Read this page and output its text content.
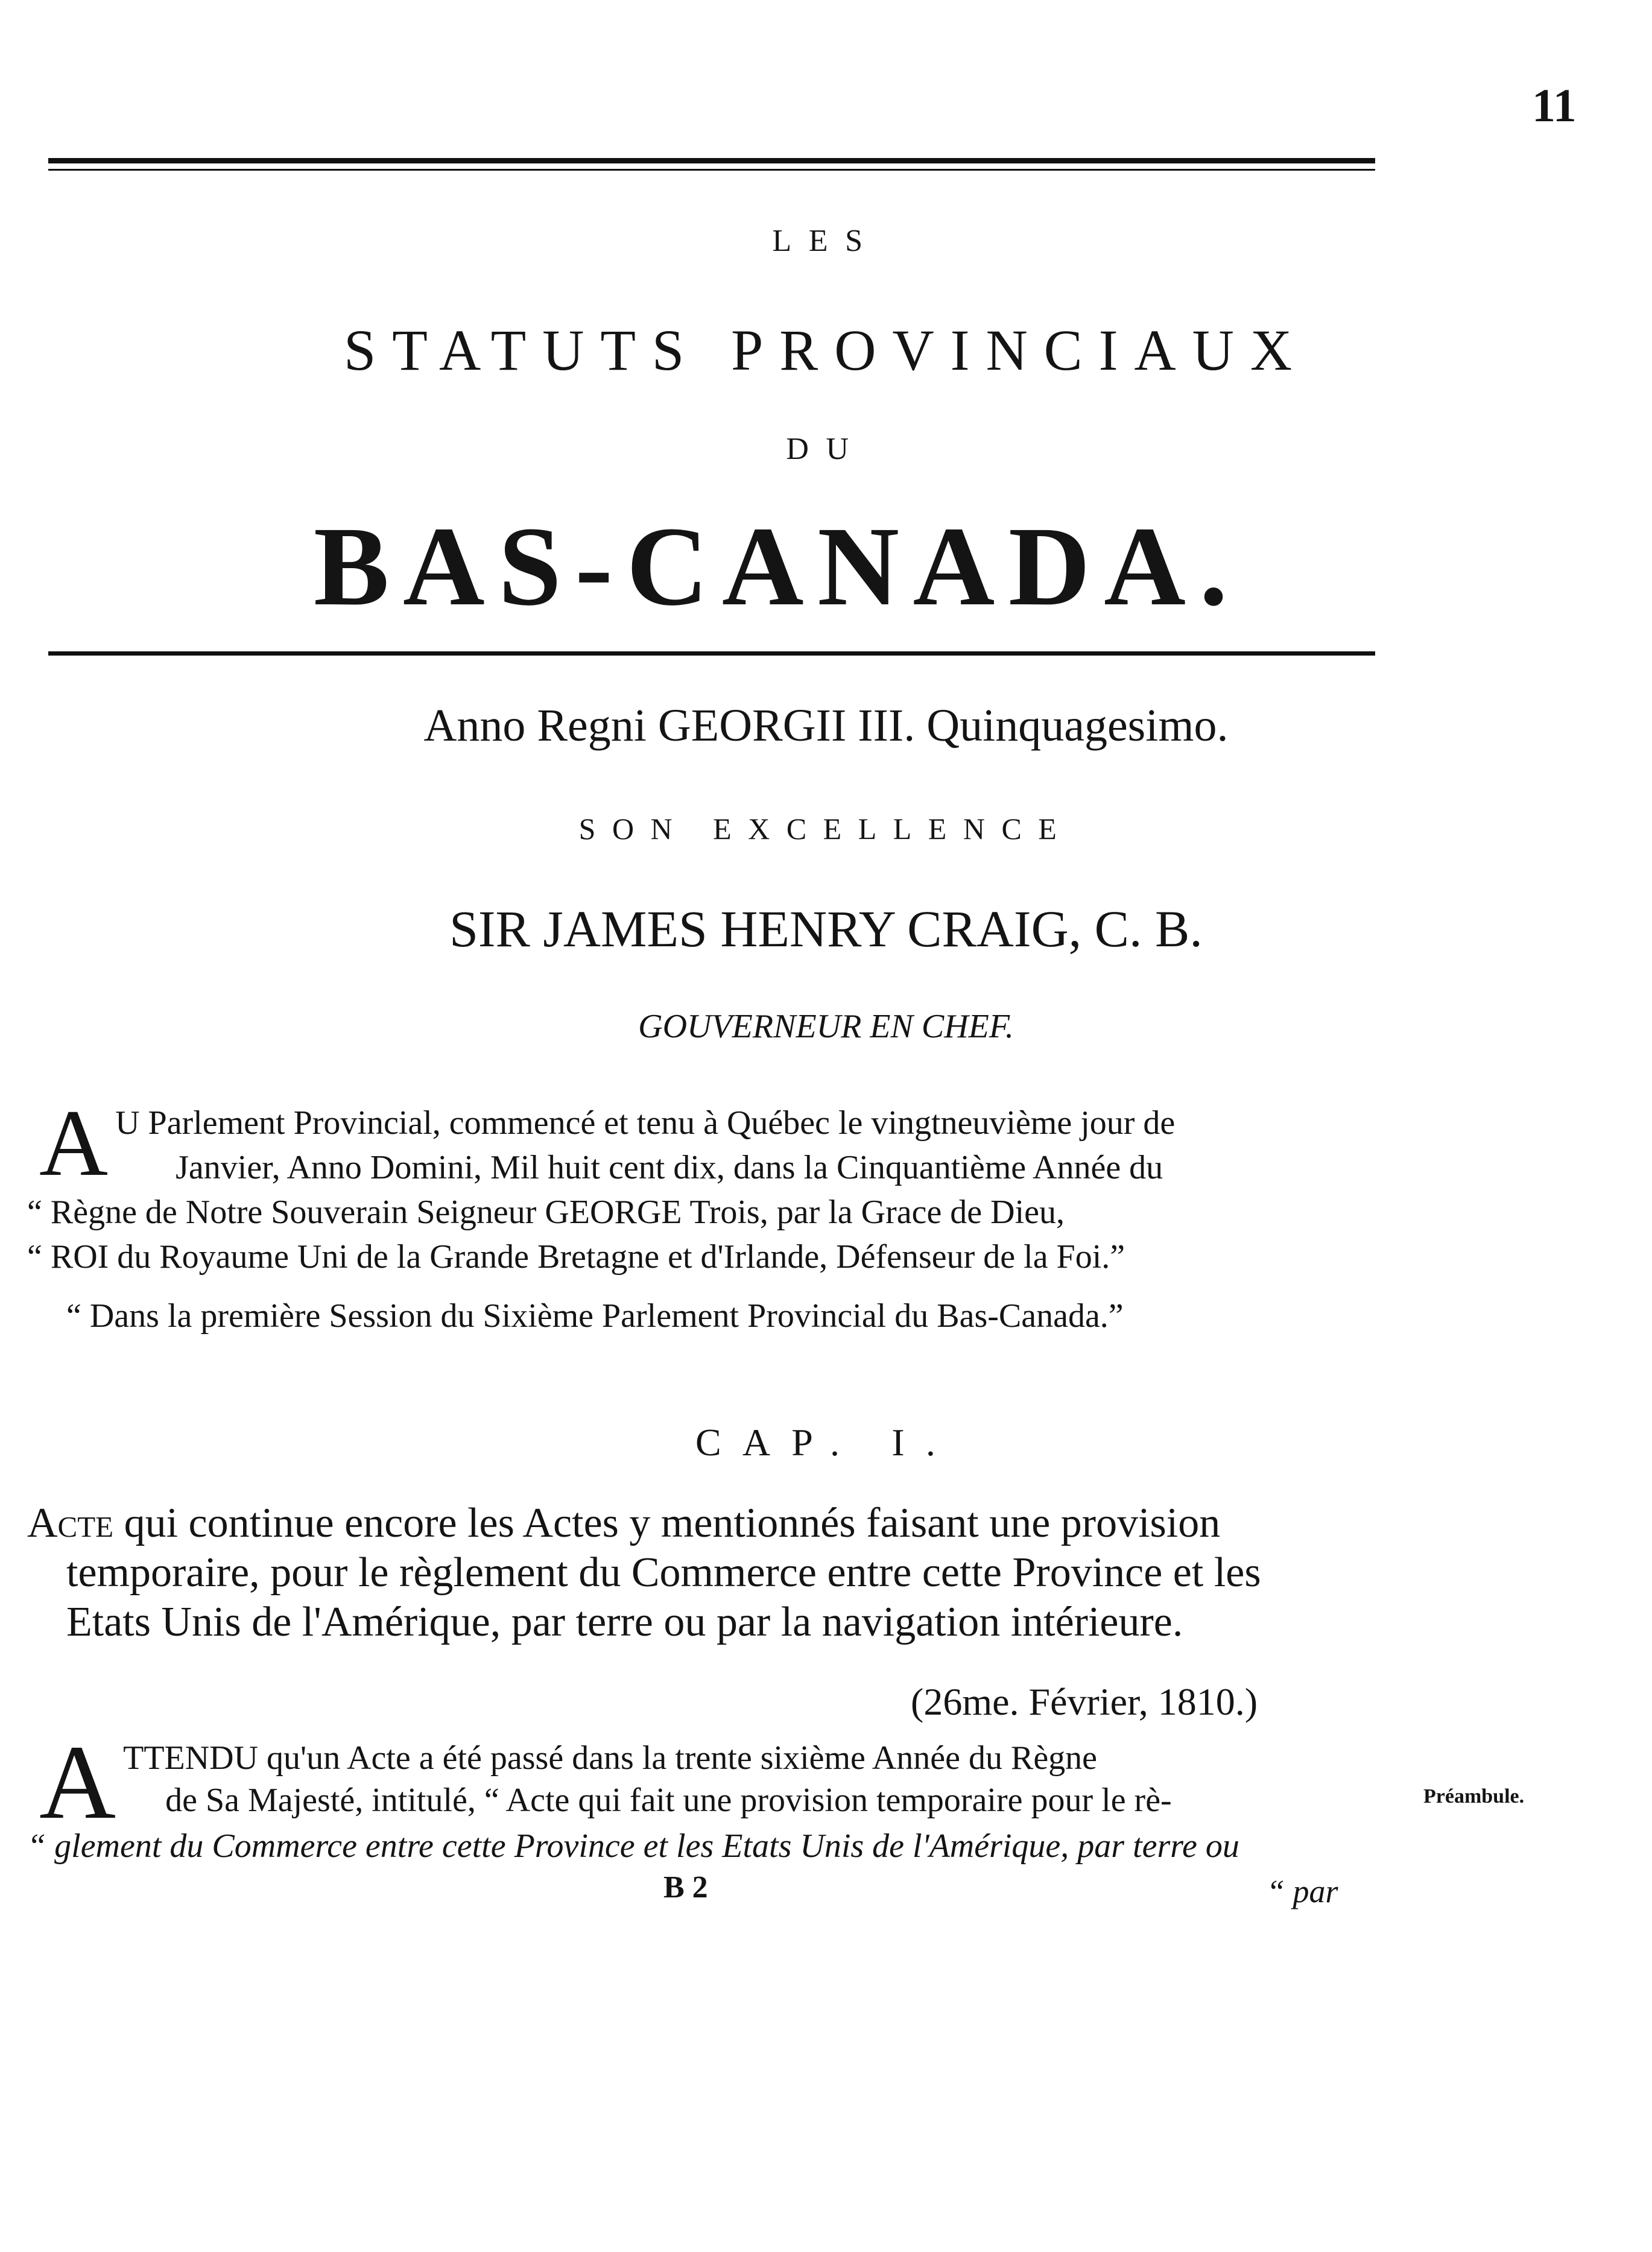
11
LES
STATUTS PROVINCIAUX
DU
BAS-CANADA.
Anno Regni GEORGII III. Quinquagesimo.
SON EXCELLENCE
SIR JAMES HENRY CRAIG, C. B.
GOUVERNEUR EN CHEF.
A U Parlement Provincial, commencé et tenu à Québec le vingtneuvième jour de
Janvier, Anno Domini, Mil huit cent dix, dans la Cinquantième Année du
“ Règne de Notre Souverain Seigneur GEORGE Trois, par la Grace de Dieu,
“ ROI du Royaume Uni de la Grande Bretagne et d'Irlande, Défenseur de la Foi.”
“ Dans la première Session du Sixième Parlement Provincial du Bas-Canada.”
CAP. I.
Acte qui continue encore les Actes y mentionnés faisant une provision
temporaire, pour le règlement du Commerce entre cette Province et les
Etats Unis de l'Amérique, par terre ou par la navigation intérieure.
(26me. Février, 1810.)
A TTENDU qu'un Acte a été passé dans la trente sixième Année du Règne
de Sa Majesté, intitulé, “ Acte qui fait une provision temporaire pour le rè-
“ glement du Commerce entre cette Province et les Etats Unis de l'Amérique, par terre ou
Préambule.
B 2	“ par
